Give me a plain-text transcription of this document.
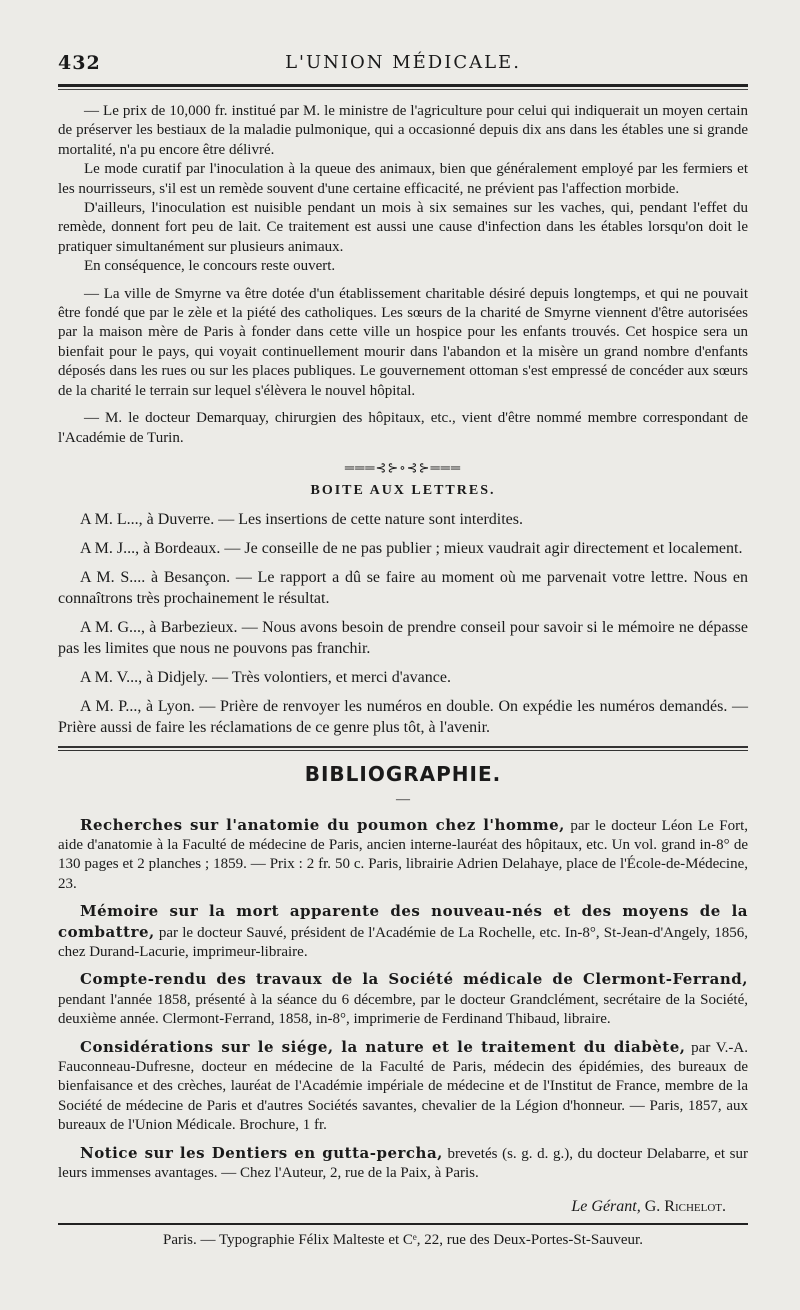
432	L'UNION MÉDICALE.

— Le prix de 10,000 fr. institué par M. le ministre de l'agriculture pour celui qui indiquerait un moyen certain de préserver les bestiaux de la maladie pulmonique, qui a occasionné depuis dix ans dans les étables une si grande mortalité, n'a pu encore être délivré.

Le mode curatif par l'inoculation à la queue des animaux, bien que généralement employé par les fermiers et les nourrisseurs, s'il est un remède souvent d'une certaine efficacité, ne prévient pas l'affection morbide.

D'ailleurs, l'inoculation est nuisible pendant un mois à six semaines sur les vaches, qui, pendant l'effet du remède, donnent fort peu de lait. Ce traitement est aussi une cause d'infection dans les étables lorsqu'on doit le pratiquer simultanément sur plusieurs animaux.

En conséquence, le concours reste ouvert.

— La ville de Smyrne va être dotée d'un établissement charitable désiré depuis longtemps, et qui ne pouvait être fondé que par le zèle et la piété des catholiques. Les sœurs de la charité de Smyrne viennent d'être autorisées par la maison mère de Paris à fonder dans cette ville un hospice pour les enfants trouvés. Cet hospice sera un bienfait pour le pays, qui voyait continuellement mourir dans l'abandon et la misère un grand nombre d'enfants déposés dans les rues ou sur les places publiques. Le gouvernement ottoman s'est empressé de concéder aux sœurs de la charité le terrain sur lequel s'élèvera le nouvel hôpital.

— M. le docteur Demarquay, chirurgien des hôpitaux, etc., vient d'être nommé membre correspondant de l'Académie de Turin.

═══⊰⊱∘⊰⊱═══
BOITE AUX LETTRES.

A M. L..., à Duverre. — Les insertions de cette nature sont interdites.

A M. J..., à Bordeaux. — Je conseille de ne pas publier ; mieux vaudrait agir directement et localement.

A M. S.... à Besançon. — Le rapport a dû se faire au moment où me parvenait votre lettre. Nous en connaîtrons très prochainement le résultat.

A M. G..., à Barbezieux. — Nous avons besoin de prendre conseil pour savoir si le mémoire ne dépasse pas les limites que nous ne pouvons pas franchir.

A M. V..., à Didjely. — Très volontiers, et merci d'avance.

A M. P..., à Lyon. — Prière de renvoyer les numéros en double. On expédie les numéros demandés. — Prière aussi de faire les réclamations de ce genre plus tôt, à l'avenir.

BIBLIOGRAPHIE.
—

Recherches sur l'anatomie du poumon chez l'homme, par le docteur Léon Le Fort, aide d'anatomie à la Faculté de médecine de Paris, ancien interne-lauréat des hôpitaux, etc. Un vol. grand in-8° de 130 pages et 2 planches ; 1859. — Prix : 2 fr. 50 c. Paris, librairie Adrien Delahaye, place de l'École-de-Médecine, 23.

Mémoire sur la mort apparente des nouveau-nés et des moyens de la combattre, par le docteur Sauvé, président de l'Académie de La Rochelle, etc. In-8°, St-Jean-d'Angely, 1856, chez Durand-Lacurie, imprimeur-libraire.

Compte-rendu des travaux de la Société médicale de Clermont-Ferrand, pendant l'année 1858, présenté à la séance du 6 décembre, par le docteur Grandclément, secrétaire de la Société, deuxième année. Clermont-Ferrand, 1858, in-8°, imprimerie de Ferdinand Thibaud, libraire.

Considérations sur le siége, la nature et le traitement du diabète, par V.-A. Fauconneau-Dufresne, docteur en médecine de la Faculté de Paris, médecin des épidémies, des bureaux de bienfaisance et des crèches, lauréat de l'Académie impériale de médecine et de l'Institut de France, membre de la Société de médecine de Paris et d'autres Sociétés savantes, chevalier de la Légion d'honneur. — Paris, 1857, aux bureaux de l'Union Médicale. Brochure, 1 fr.

Notice sur les Dentiers en gutta-percha, brevetés (s. g. d. g.), du docteur Delabarre, et sur leurs immenses avantages. — Chez l'Auteur, 2, rue de la Paix, à Paris.

Le Gérant, G. Richelot.
Paris. — Typographie Félix Malteste et Cᵉ, 22, rue des Deux-Portes-St-Sauveur.
